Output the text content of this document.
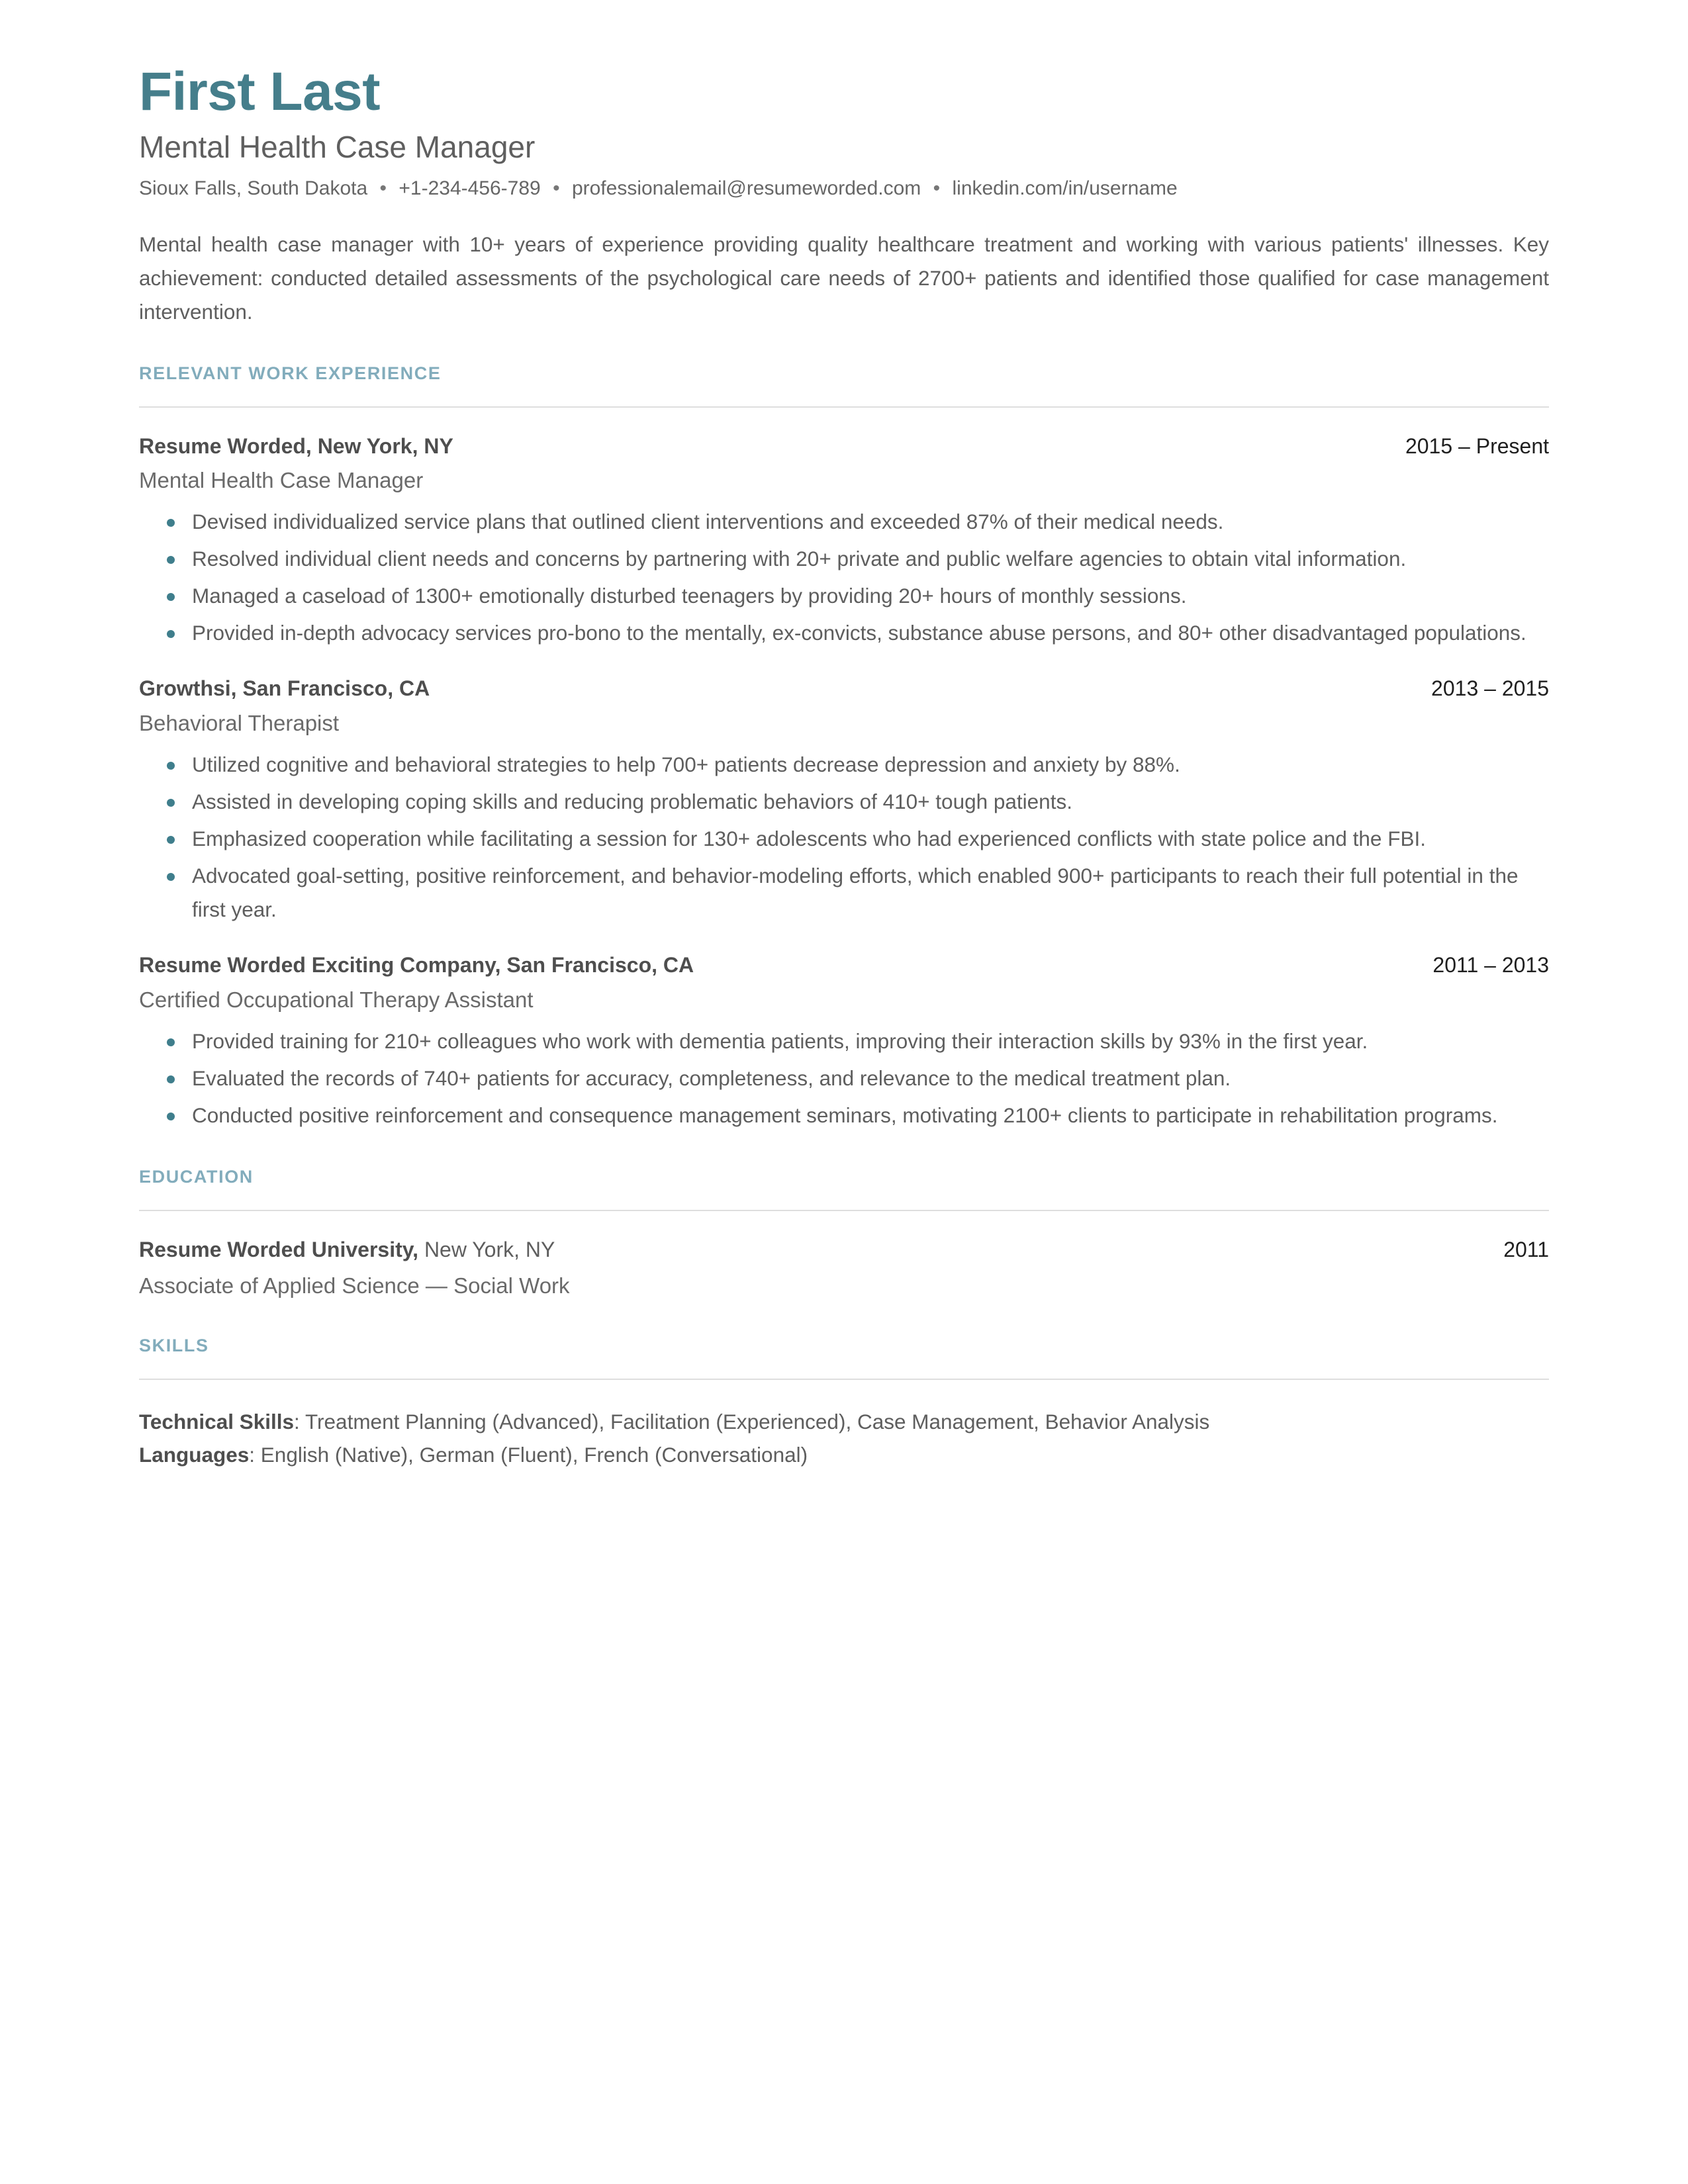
First Last
Mental Health Case Manager
Sioux Falls, South Dakota • +1-234-456-789 • professionalemail@resumeworded.com • linkedin.com/in/username

Mental health case manager with 10+ years of experience providing quality healthcare treatment and working with various patients' illnesses. Key achievement: conducted detailed assessments of the psychological care needs of 2700+ patients and identified those qualified for case management intervention.

RELEVANT WORK EXPERIENCE
Resume Worded, New York, NY	2015 – Present
Mental Health Case Manager
Devised individualized service plans that outlined client interventions and exceeded 87% of their medical needs.
Resolved individual client needs and concerns by partnering with 20+ private and public welfare agencies to obtain vital information.
Managed a caseload of 1300+ emotionally disturbed teenagers by providing 20+ hours of monthly sessions.
Provided in-depth advocacy services pro-bono to the mentally, ex-convicts, substance abuse persons, and 80+ other disadvantaged populations.
Growthsi, San Francisco, CA	2013 – 2015
Behavioral Therapist
Utilized cognitive and behavioral strategies to help 700+ patients decrease depression and anxiety by 88%.
Assisted in developing coping skills and reducing problematic behaviors of 410+ tough patients.
Emphasized cooperation while facilitating a session for 130+ adolescents who had experienced conflicts with state police and the FBI.
Advocated goal-setting, positive reinforcement, and behavior-modeling efforts, which enabled 900+ participants to reach their full potential in the first year.
Resume Worded Exciting Company, San Francisco, CA	2011 – 2013
Certified Occupational Therapy Assistant
Provided training for 210+ colleagues who work with dementia patients, improving their interaction skills by 93% in the first year.
Evaluated the records of 740+ patients for accuracy, completeness, and relevance to the medical treatment plan.
Conducted positive reinforcement and consequence management seminars, motivating 2100+ clients to participate in rehabilitation programs.
EDUCATION
Resume Worded University, New York, NY	2011
Associate of Applied Science — Social Work
SKILLS
Technical Skills: Treatment Planning (Advanced), Facilitation (Experienced), Case Management, Behavior Analysis
Languages: English (Native), German (Fluent), French (Conversational)
